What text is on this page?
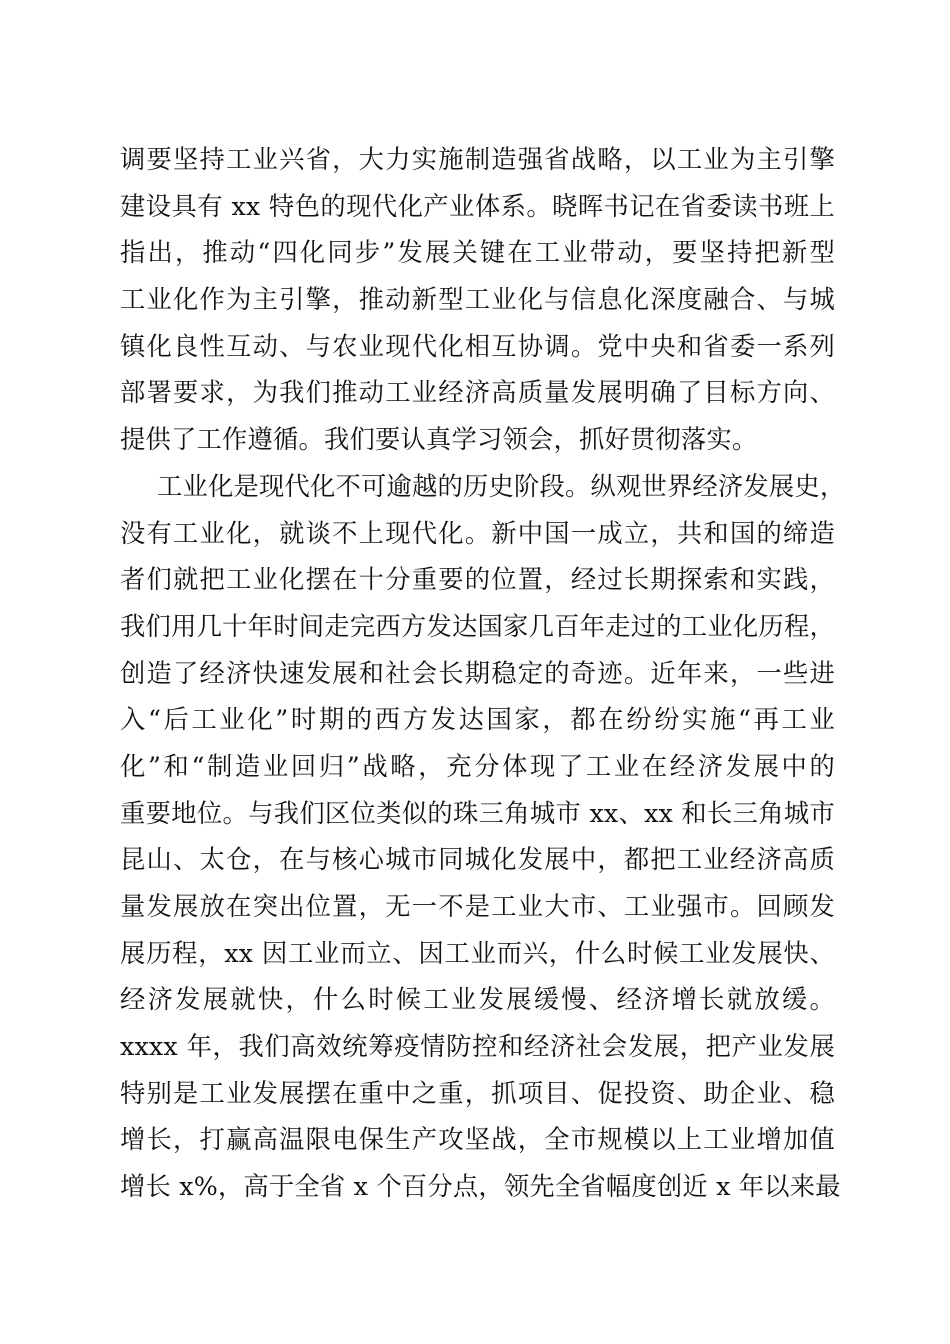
调要坚持工业兴省，大力实施制造强省战略，以工业为主引擎
建设具有 xx 特色的现代化产业体系。晓晖书记在省委读书班上
指出，推动“四化同步”发展关键在工业带动，要坚持把新型
工业化作为主引擎，推动新型工业化与信息化深度融合、与城
镇化良性互动、与农业现代化相互协调。党中央和省委一系列
部署要求，为我们推动工业经济高质量发展明确了目标方向、
提供了工作遵循。我们要认真学习领会，抓好贯彻落实。
工业化是现代化不可逾越的历史阶段。纵观世界经济发展史，
没有工业化，就谈不上现代化。新中国一成立，共和国的缔造
者们就把工业化摆在十分重要的位置，经过长期探索和实践，
我们用几十年时间走完西方发达国家几百年走过的工业化历程，
创造了经济快速发展和社会长期稳定的奇迹。近年来，一些进
入“后工业化”时期的西方发达国家，都在纷纷实施“再工业
化”和“制造业回归”战略，充分体现了工业在经济发展中的
重要地位。与我们区位类似的珠三角城市 xx、xx 和长三角城市
昆山、太仓，在与核心城市同城化发展中，都把工业经济高质
量发展放在突出位置，无一不是工业大市、工业强市。回顾发
展历程，xx 因工业而立、因工业而兴，什么时候工业发展快、
经济发展就快，什么时候工业发展缓慢、经济增长就放缓。
xxxx 年，我们高效统筹疫情防控和经济社会发展，把产业发展
特别是工业发展摆在重中之重，抓项目、促投资、助企业、稳
增长，打赢高温限电保生产攻坚战，全市规模以上工业增加值
增长 x%，高于全省 x 个百分点，领先全省幅度创近 x 年以来最
